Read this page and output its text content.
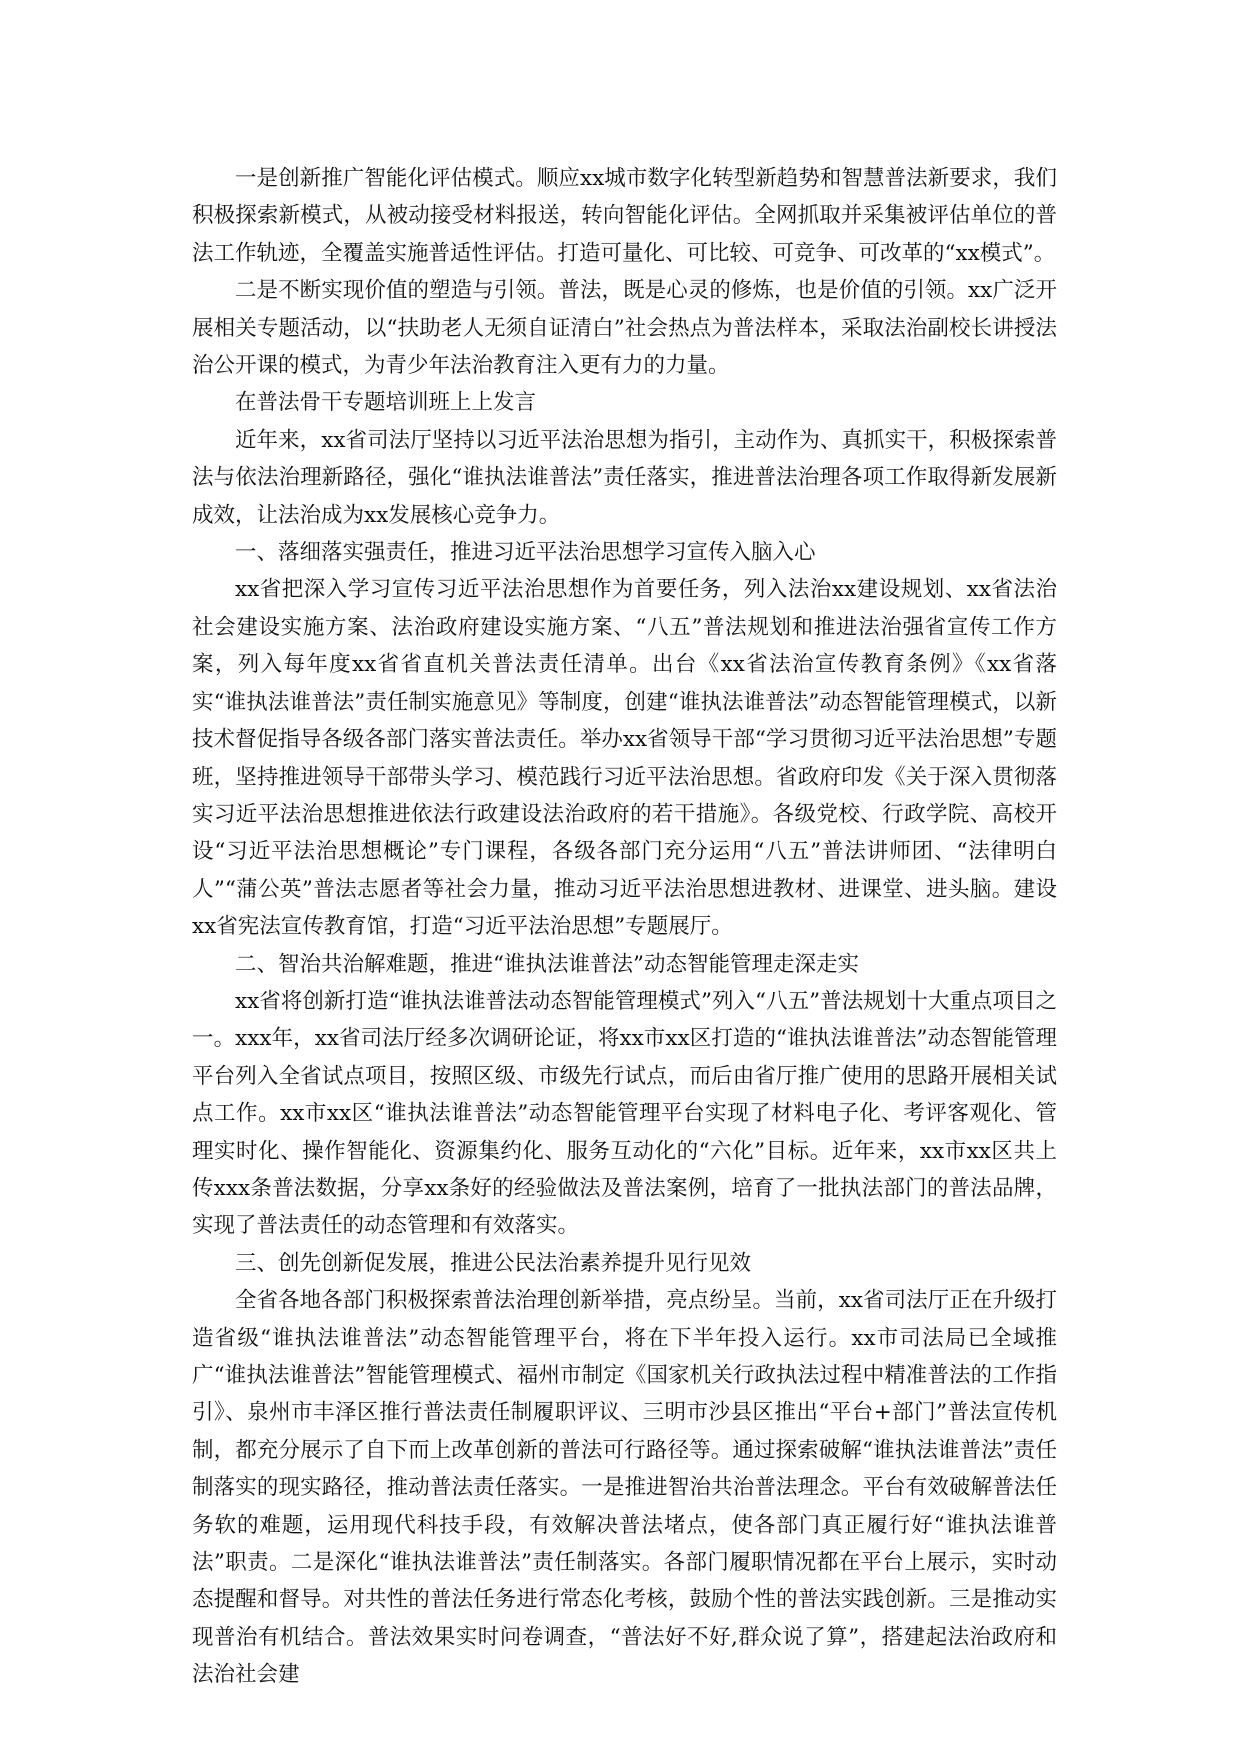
一是创新推广智能化评估模式。顺应xx城市数字化转型新趋势和智慧普法新要求，我们积极探索新模式，从被动接受材料报送，转向智能化评估。全网抓取并采集被评估单位的普法工作轨迹，全覆盖实施普适性评估。打造可量化、可比较、可竞争、可改革的“xx模式”。

二是不断实现价值的塑造与引领。普法，既是心灵的修炼，也是价值的引领。xx广泛开展相关专题活动，以“扶助老人无须自证清白”社会热点为普法样本，采取法治副校长讲授法治公开课的模式，为青少年法治教育注入更有力的力量。

在普法骨干专题培训班上上发言

近年来，xx省司法厅坚持以习近平法治思想为指引，主动作为、真抓实干，积极探索普法与依法治理新路径，强化“谁执法谁普法”责任落实，推进普法治理各项工作取得新发展新成效，让法治成为xx发展核心竞争力。

一、落细落实强责任，推进习近平法治思想学习宣传入脑入心

xx省把深入学习宣传习近平法治思想作为首要任务，列入法治xx建设规划、xx省法治社会建设实施方案、法治政府建设实施方案、“八五”普法规划和推进法治强省宣传工作方案，列入每年度xx省省直机关普法责任清单。出台《xx省法治宣传教育条例》《xx省落实“谁执法谁普法”责任制实施意见》等制度，创建“谁执法谁普法”动态智能管理模式，以新技术督促指导各级各部门落实普法责任。举办xx省领导干部“学习贯彻习近平法治思想”专题班，坚持推进领导干部带头学习、模范践行习近平法治思想。省政府印发《关于深入贯彻落实习近平法治思想推进依法行政建设法治政府的若干措施》。各级党校、行政学院、高校开设“习近平法治思想概论”专门课程，各级各部门充分运用“八五”普法讲师团、“法律明白人”“蒲公英”普法志愿者等社会力量，推动习近平法治思想进教材、进课堂、进头脑。建设xx省宪法宣传教育馆，打造“习近平法治思想”专题展厅。

二、智治共治解难题，推进“谁执法谁普法”动态智能管理走深走实

xx省将创新打造“谁执法谁普法动态智能管理模式”列入“八五”普法规划十大重点项目之一。xxx年，xx省司法厅经多次调研论证，将xx市xx区打造的“谁执法谁普法”动态智能管理平台列入全省试点项目，按照区级、市级先行试点，而后由省厅推广使用的思路开展相关试点工作。xx市xx区“谁执法谁普法”动态智能管理平台实现了材料电子化、考评客观化、管理实时化、操作智能化、资源集约化、服务互动化的“六化”目标。近年来，xx市xx区共上传xxx条普法数据，分享xx条好的经验做法及普法案例，培育了一批执法部门的普法品牌，实现了普法责任的动态管理和有效落实。

三、创先创新促发展，推进公民法治素养提升见行见效

全省各地各部门积极探索普法治理创新举措，亮点纷呈。当前，xx省司法厅正在升级打造省级“谁执法谁普法”动态智能管理平台，将在下半年投入运行。xx市司法局已全域推广“谁执法谁普法”智能管理模式、福州市制定《国家机关行政执法过程中精准普法的工作指引》、泉州市丰泽区推行普法责任制履职评议、三明市沙县区推出“平台+部门”普法宣传机制，都充分展示了自下而上改革创新的普法可行路径等。通过探索破解“谁执法谁普法”责任制落实的现实路径，推动普法责任落实。一是推进智治共治普法理念。平台有效破解普法任务软的难题，运用现代科技手段，有效解决普法堵点，使各部门真正履行好“谁执法谁普法”职责。二是深化“谁执法谁普法”责任制落实。各部门履职情况都在平台上展示，实时动态提醒和督导。对共性的普法任务进行常态化考核，鼓励个性的普法实践创新。三是推动实现普治有机结合。普法效果实时问卷调查，“普法好不好,群众说了算”，搭建起法治政府和法治社会建
